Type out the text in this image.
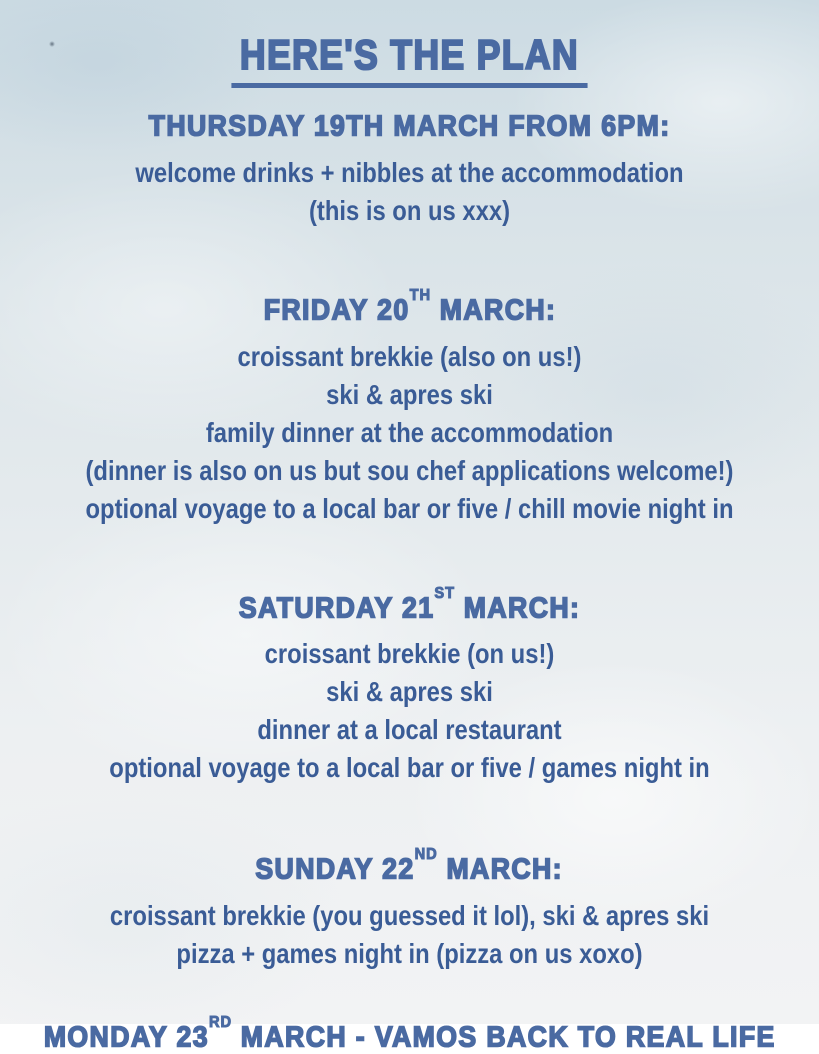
HERE'S THE PLAN
THURSDAY 19TH MARCH FROM 6PM:
welcome drinks + nibbles at the accommodation
(this is on us xxx)
FRIDAY 20TH MARCH:
croissant brekkie (also on us!)
ski & apres ski
family dinner at the accommodation
(dinner is also on us but sou chef applications welcome!)
optional voyage to a local bar or five / chill movie night in
SATURDAY 21ST MARCH:
croissant brekkie (on us!)
ski & apres ski
dinner at a local restaurant
optional voyage to a local bar or five / games night in
SUNDAY 22ND MARCH:
croissant brekkie (you guessed it lol), ski & apres ski
pizza + games night in (pizza on us xoxo)
MONDAY 23RD MARCH - VAMOS BACK TO REAL LIFE
